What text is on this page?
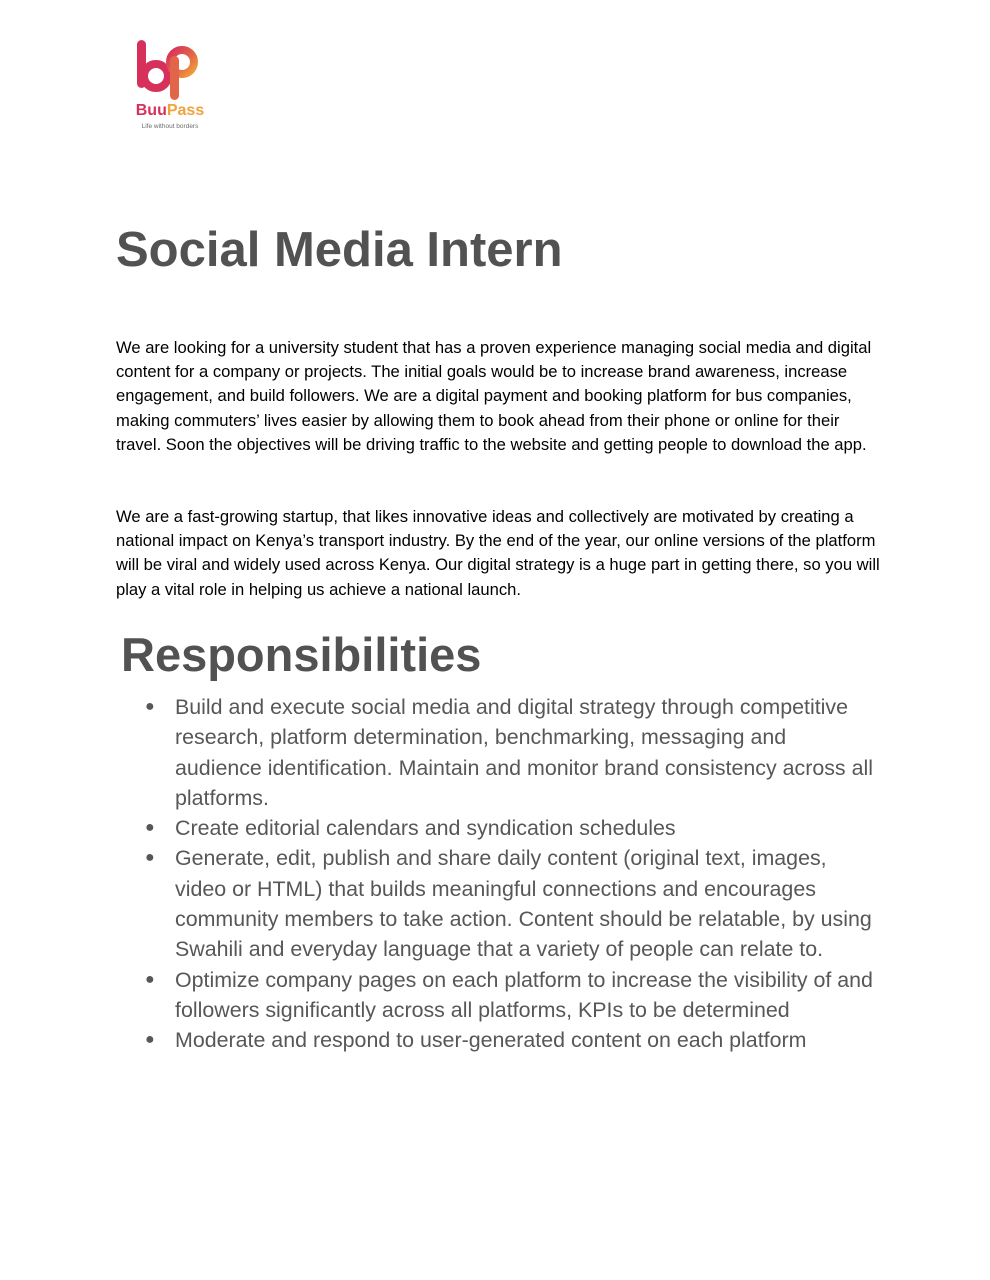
BuuPass
Life without borders
Social Media Intern

We are looking for a university student that has a proven experience managing social media and digital content for a company or projects. The initial goals would be to increase brand awareness, increase engagement, and build followers. We are a digital payment and booking platform for bus companies, making commuters’ lives easier by allowing them to book ahead from their phone or online for their travel. Soon the objectives will be driving traffic to the website and getting people to download the app.

We are a fast-growing startup, that likes innovative ideas and collectively are motivated by creating a national impact on Kenya’s transport industry. By the end of the year, our online versions of the platform will be viral and widely used across Kenya. Our digital strategy is a huge part in getting there, so you will play a vital role in helping us achieve a national launch.

Responsibilities
● Build and execute social media and digital strategy through competitive research, platform determination, benchmarking, messaging and audience identification. Maintain and monitor brand consistency across all platforms.
● Create editorial calendars and syndication schedules
● Generate, edit, publish and share daily content (original text, images, video or HTML) that builds meaningful connections and encourages community members to take action. Content should be relatable, by using Swahili and everyday language that a variety of people can relate to.
● Optimize company pages on each platform to increase the visibility of and followers significantly across all platforms, KPIs to be determined
● Moderate and respond to user-generated content on each platform
